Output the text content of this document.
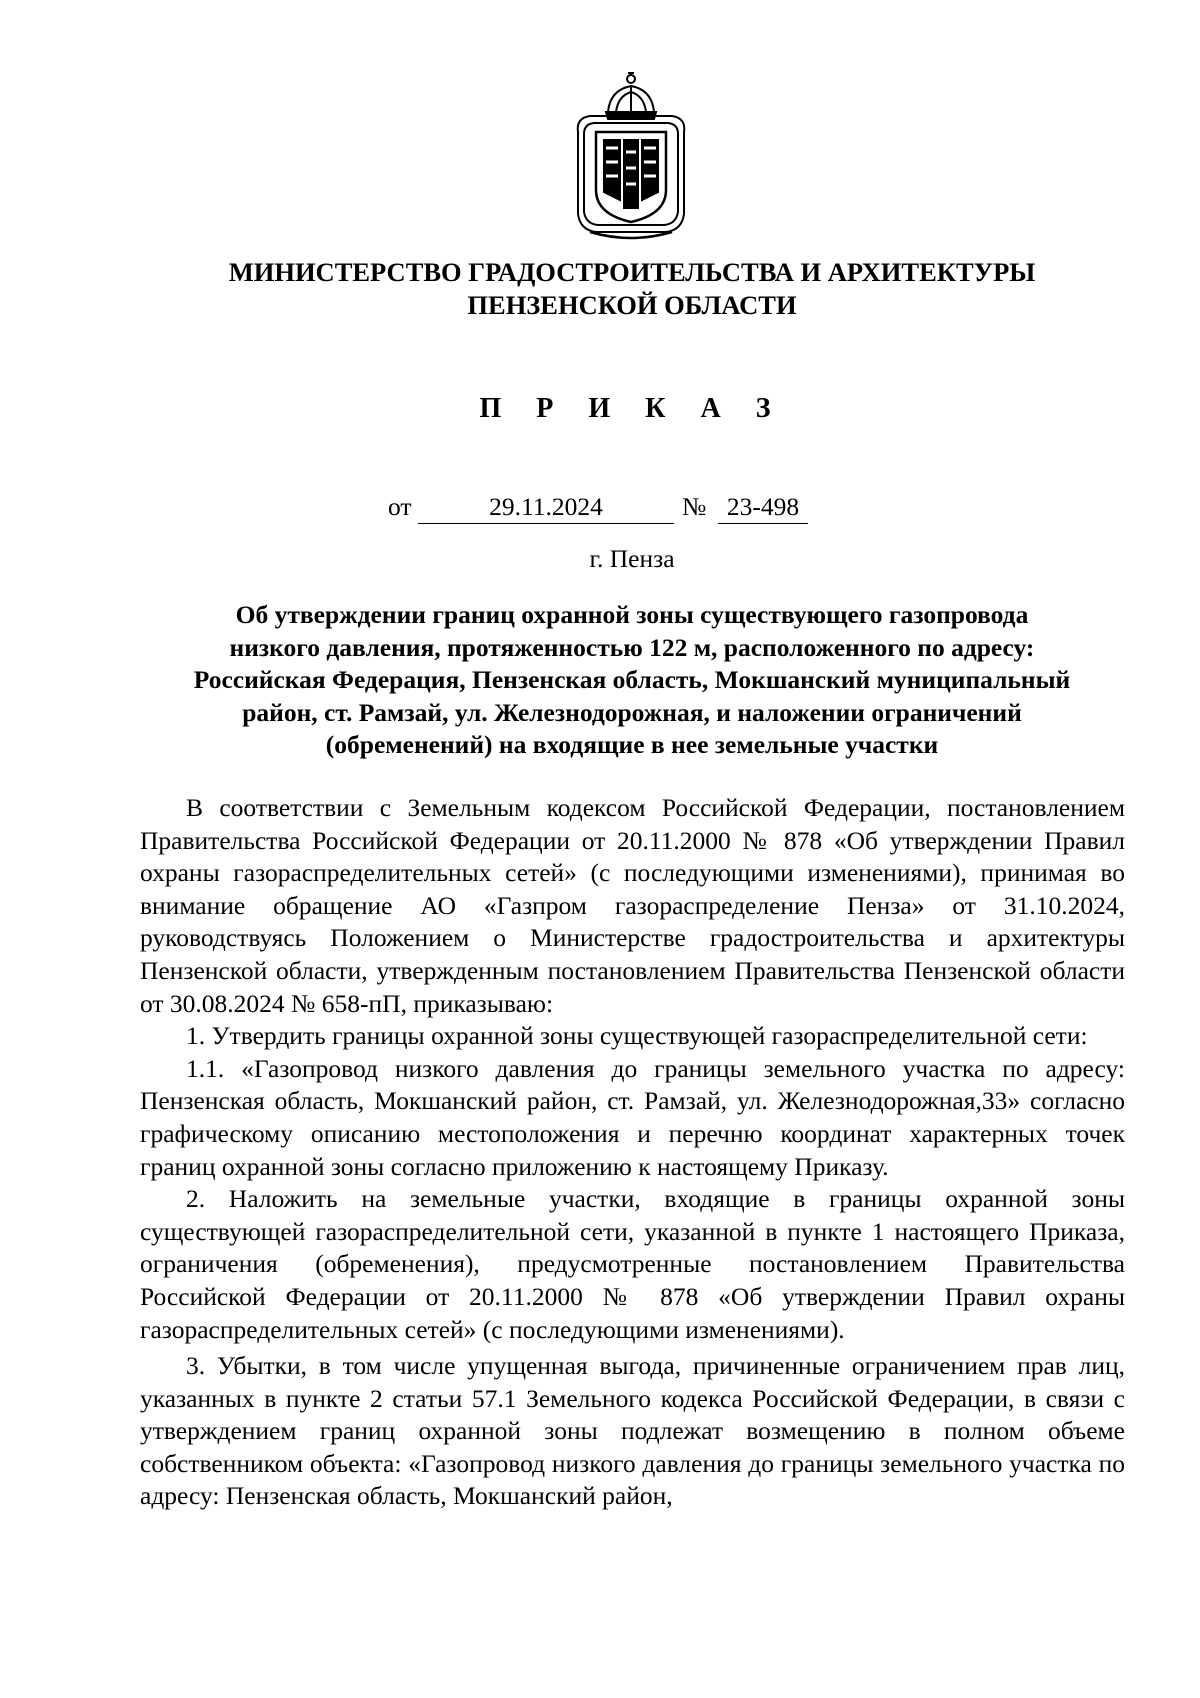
МИНИСТЕРСТВО ГРАДОСТРОИТЕЛЬСТВА И АРХИТЕКТУРЫ
ПЕНЗЕНСКОЙ ОБЛАСТИ
П Р И К А З
от	29.11.2024	№ 23-498
г. Пенза
Об утверждении границ охранной зоны существующего газопровода
низкого давления, протяженностью 122 м, расположенного по адресу:
Российская Федерация, Пензенская область, Мокшанский муниципальный
район, ст. Рамзай, ул. Железнодорожная, и наложении ограничений
(обременений) на входящие в нее земельные участки

В соответствии с Земельным кодексом Российской Федерации, постановлением Правительства Российской Федерации от 20.11.2000 № 878 «Об утверждении Правил охраны газораспределительных сетей» (с последующими изменениями), принимая во внимание обращение АО «Газпром газораспределение Пенза» от 31.10.2024, руководствуясь Положением о Министерстве градостроительства и архитектуры Пензенской области, утвержденным постановлением Правительства Пензенской области от 30.08.2024 № 658-пП, приказываю:

1. Утвердить границы охранной зоны существующей газораспределительной сети:

1.1. «Газопровод низкого давления до границы земельного участка по адресу: Пензенская область, Мокшанский район, ст. Рамзай, ул. Железнодорожная,33» согласно графическому описанию местоположения и перечню координат характерных точек границ охранной зоны согласно приложению к настоящему Приказу.

2. Наложить на земельные участки, входящие в границы охранной зоны существующей газораспределительной сети, указанной в пункте 1 настоящего Приказа, ограничения (обременения), предусмотренные постановлением Правительства Российской Федерации от 20.11.2000 № 878 «Об утверждении Правил охраны газораспределительных сетей» (с последующими изменениями).

3. Убытки, в том числе упущенная выгода, причиненные ограничением прав лиц, указанных в пункте 2 статьи 57.1 Земельного кодекса Российской Федерации, в связи с утверждением границ охранной зоны подлежат возмещению в полном объеме собственником объекта: «Газопровод низкого давления до границы земельного участка по адресу: Пензенская область, Мокшанский район,
